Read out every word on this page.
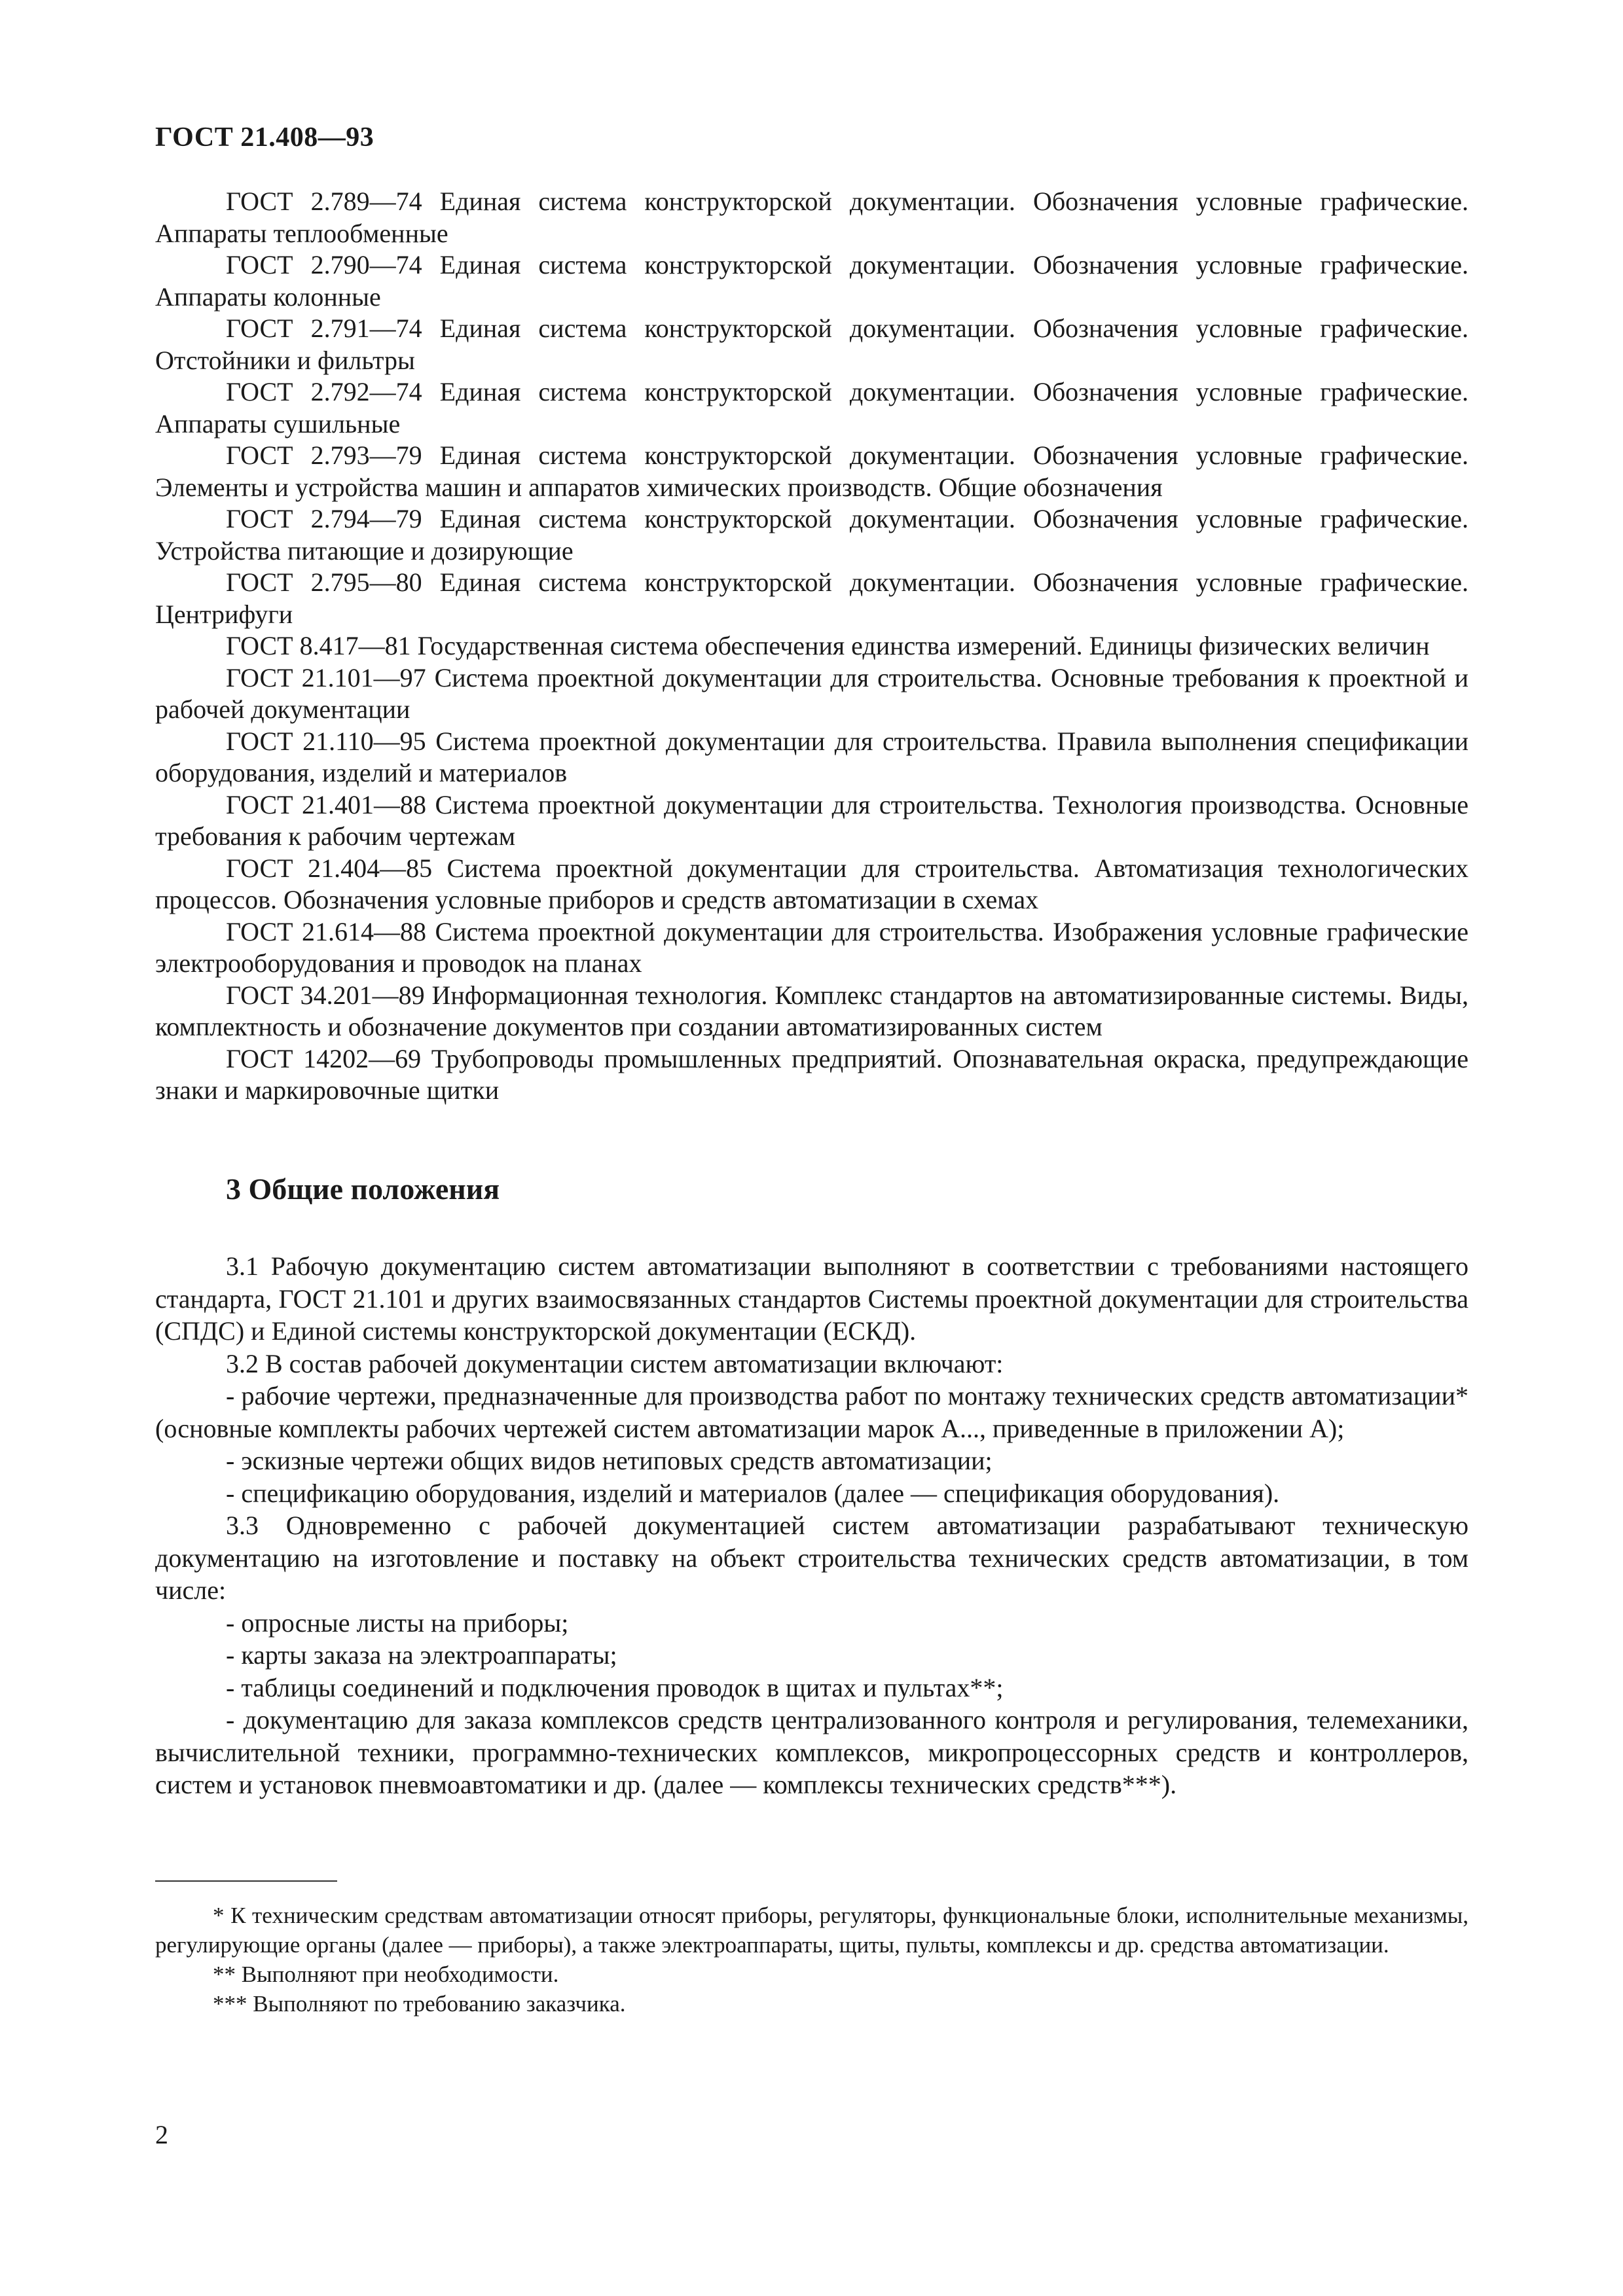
ГОСТ 21.408—93

ГОСТ 2.789—74 Единая система конструкторской документации. Обозначения условные графические. Аппараты теплообменные

ГОСТ 2.790—74 Единая система конструкторской документации. Обозначения условные графические. Аппараты колонные

ГОСТ 2.791—74 Единая система конструкторской документации. Обозначения условные графические. Отстойники и фильтры

ГОСТ 2.792—74 Единая система конструкторской документации. Обозначения условные графические. Аппараты сушильные

ГОСТ 2.793—79 Единая система конструкторской документации. Обозначения условные графические. Элементы и устройства машин и аппаратов химических производств. Общие обозначения

ГОСТ 2.794—79 Единая система конструкторской документации. Обозначения условные графические. Устройства питающие и дозирующие

ГОСТ 2.795—80 Единая система конструкторской документации. Обозначения условные графические. Центрифуги

ГОСТ 8.417—81 Государственная система обеспечения единства измерений. Единицы физических величин

ГОСТ 21.101—97 Система проектной документации для строительства. Основные требования к проектной и рабочей документации

ГОСТ 21.110—95 Система проектной документации для строительства. Правила выполнения спецификации оборудования, изделий и материалов

ГОСТ 21.401—88 Система проектной документации для строительства. Технология производства. Основные требования к рабочим чертежам

ГОСТ 21.404—85 Система проектной документации для строительства. Автоматизация технологических процессов. Обозначения условные приборов и средств автоматизации в схемах

ГОСТ 21.614—88 Система проектной документации для строительства. Изображения условные графические электрооборудования и проводок на планах

ГОСТ 34.201—89 Информационная технология. Комплекс стандартов на автоматизированные системы. Виды, комплектность и обозначение документов при создании автоматизированных систем

ГОСТ 14202—69 Трубопроводы промышленных предприятий. Опознавательная окраска, предупреждающие знаки и маркировочные щитки

3 Общие положения

3.1 Рабочую документацию систем автоматизации выполняют в соответствии с требованиями настоящего стандарта, ГОСТ 21.101 и других взаимосвязанных стандартов Системы проектной документации для строительства (СПДС) и Единой системы конструкторской документации (ЕСКД).

3.2 В состав рабочей документации систем автоматизации включают:

- рабочие чертежи, предназначенные для производства работ по монтажу технических средств автоматизации* (основные комплекты рабочих чертежей систем автоматизации марок А..., приведенные в приложении А);

- эскизные чертежи общих видов нетиповых средств автоматизации;

- спецификацию оборудования, изделий и материалов (далее — спецификация оборудования).

3.3 Одновременно с рабочей документацией систем автоматизации разрабатывают техническую документацию на изготовление и поставку на объект строительства технических средств автоматизации, в том числе:

- опросные листы на приборы;

- карты заказа на электроаппараты;

- таблицы соединений и подключения проводок в щитах и пультах**;

- документацию для заказа комплексов средств централизованного контроля и регулирования, телемеханики, вычислительной техники, программно-технических комплексов, микропроцессорных средств и контроллеров, систем и установок пневмоавтоматики и др. (далее — комплексы технических средств***).

* К техническим средствам автоматизации относят приборы, регуляторы, функциональные блоки, исполнительные механизмы, регулирующие органы (далее — приборы), а также электроаппараты, щиты, пульты, комплексы и др. средства автоматизации.

** Выполняют при необходимости.

*** Выполняют по требованию заказчика.

2
